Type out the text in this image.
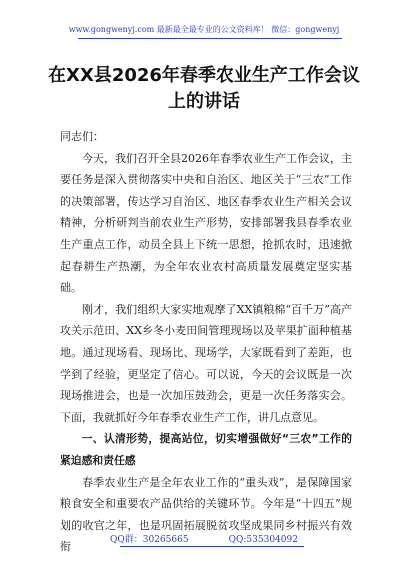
www.gongwenyj.com 最新最全最专业的公文资料库！ 微信：gongwenyj
在XX县2026年春季农业生产工作会议
上的讲话

同志们：

今天，我们召开全县2026年春季农业生产工作会议，主要任务是深入贯彻落实中央和自治区、地区关于“三农”工作的决策部署，传达学习自治区、地区春季农业生产相关会议精神，分析研判当前农业生产形势，安排部署我县春季农业生产重点工作，动员全县上下统一思想，抢抓农时，迅速掀起春耕生产热潮，为全年农业农村高质量发展奠定坚实基础。

刚才，我们组织大家实地观摩了XX镇粮棉“百千万”高产攻关示范田、XX乡冬小麦田间管理现场以及苹果扩面种植基地。通过现场看、现场比、现场学，大家既看到了差距，也学到了经验，更坚定了信心。可以说，今天的会议既是一次现场推进会，也是一次加压鼓劲会，更是一次任务落实会。下面，我就抓好今年春季农业生产工作，讲几点意见。

一、认清形势，提高站位，切实增强做好“三农”工作的紧迫感和责任感

春季农业生产是全年农业工作的“重头戏”，是保障国家粮食安全和重要农产品供给的关键环节。今年是“十四五”规划的收官之年，也是巩固拓展脱贫攻坚成果同乡村振兴有效衔

QQ群：30265665	QQ:535304092
